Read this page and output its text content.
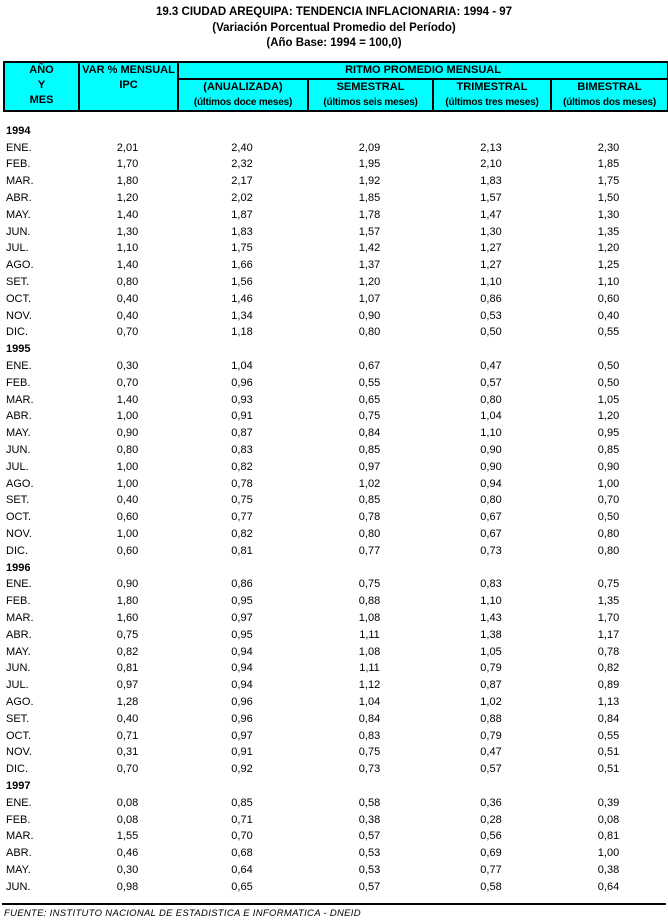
19.3 CIUDAD AREQUIPA: TENDENCIA INFLACIONARIA: 1994 - 97
(Variación Porcentual Promedio del Período)
(Año Base: 1994 = 100,0)
AÑO
Y
MES

VAR % MENSUAL
IPC
	RITMO PROMEDIO MENSUAL

(ANUALIZADA)
(últimos doce meses)

SEMESTRAL
(últimos seis meses)

TRIMESTRAL
(últimos tres meses)

BIMESTRAL
(últimos dos meses)
1994					
ENE.	2,01	2,40	2,09	2,13	2,30
FEB.	1,70	2,32	1,95	2,10	1,85
MAR.	1,80	2,17	1,92	1,83	1,75
ABR.	1,20	2,02	1,85	1,57	1,50
MAY.	1,40	1,87	1,78	1,47	1,30
JUN.	1,30	1,83	1,57	1,30	1,35
JUL.	1,10	1,75	1,42	1,27	1,20
AGO.	1,40	1,66	1,37	1,27	1,25
SET.	0,80	1,56	1,20	1,10	1,10
OCT.	0,40	1,46	1,07	0,86	0,60
NOV.	0,40	1,34	0,90	0,53	0,40
DIC.	0,70	1,18	0,80	0,50	0,55
1995					
ENE.	0,30	1,04	0,67	0,47	0,50
FEB.	0,70	0,96	0,55	0,57	0,50
MAR.	1,40	0,93	0,65	0,80	1,05
ABR.	1,00	0,91	0,75	1,04	1,20
MAY.	0,90	0,87	0,84	1,10	0,95
JUN.	0,80	0,83	0,85	0,90	0,85
JUL.	1,00	0,82	0,97	0,90	0,90
AGO.	1,00	0,78	1,02	0,94	1,00
SET.	0,40	0,75	0,85	0,80	0,70
OCT.	0,60	0,77	0,78	0,67	0,50
NOV.	1,00	0,82	0,80	0,67	0,80
DIC.	0,60	0,81	0,77	0,73	0,80
1996					
ENE.	0,90	0,86	0,75	0,83	0,75
FEB.	1,80	0,95	0,88	1,10	1,35
MAR.	1,60	0,97	1,08	1,43	1,70
ABR.	0,75	0,95	1,11	1,38	1,17
MAY.	0,82	0,94	1,08	1,05	0,78
JUN.	0,81	0,94	1,11	0,79	0,82
JUL.	0,97	0,94	1,12	0,87	0,89
AGO.	1,28	0,96	1,04	1,02	1,13
SET.	0,40	0,96	0,84	0,88	0,84
OCT.	0,71	0,97	0,83	0,79	0,55
NOV.	0,31	0,91	0,75	0,47	0,51
DIC.	0,70	0,92	0,73	0,57	0,51
1997					
ENE.	0,08	0,85	0,58	0,36	0,39
FEB.	0,08	0,71	0,38	0,28	0,08
MAR.	1,55	0,70	0,57	0,56	0,81
ABR.	0,46	0,68	0,53	0,69	1,00
MAY.	0,30	0,64	0,53	0,77	0,38
JUN.	0,98	0,65	0,57	0,58	0,64
FUENTE: INSTITUTO NACIONAL DE ESTADISTICA E INFORMATICA - DNEID
